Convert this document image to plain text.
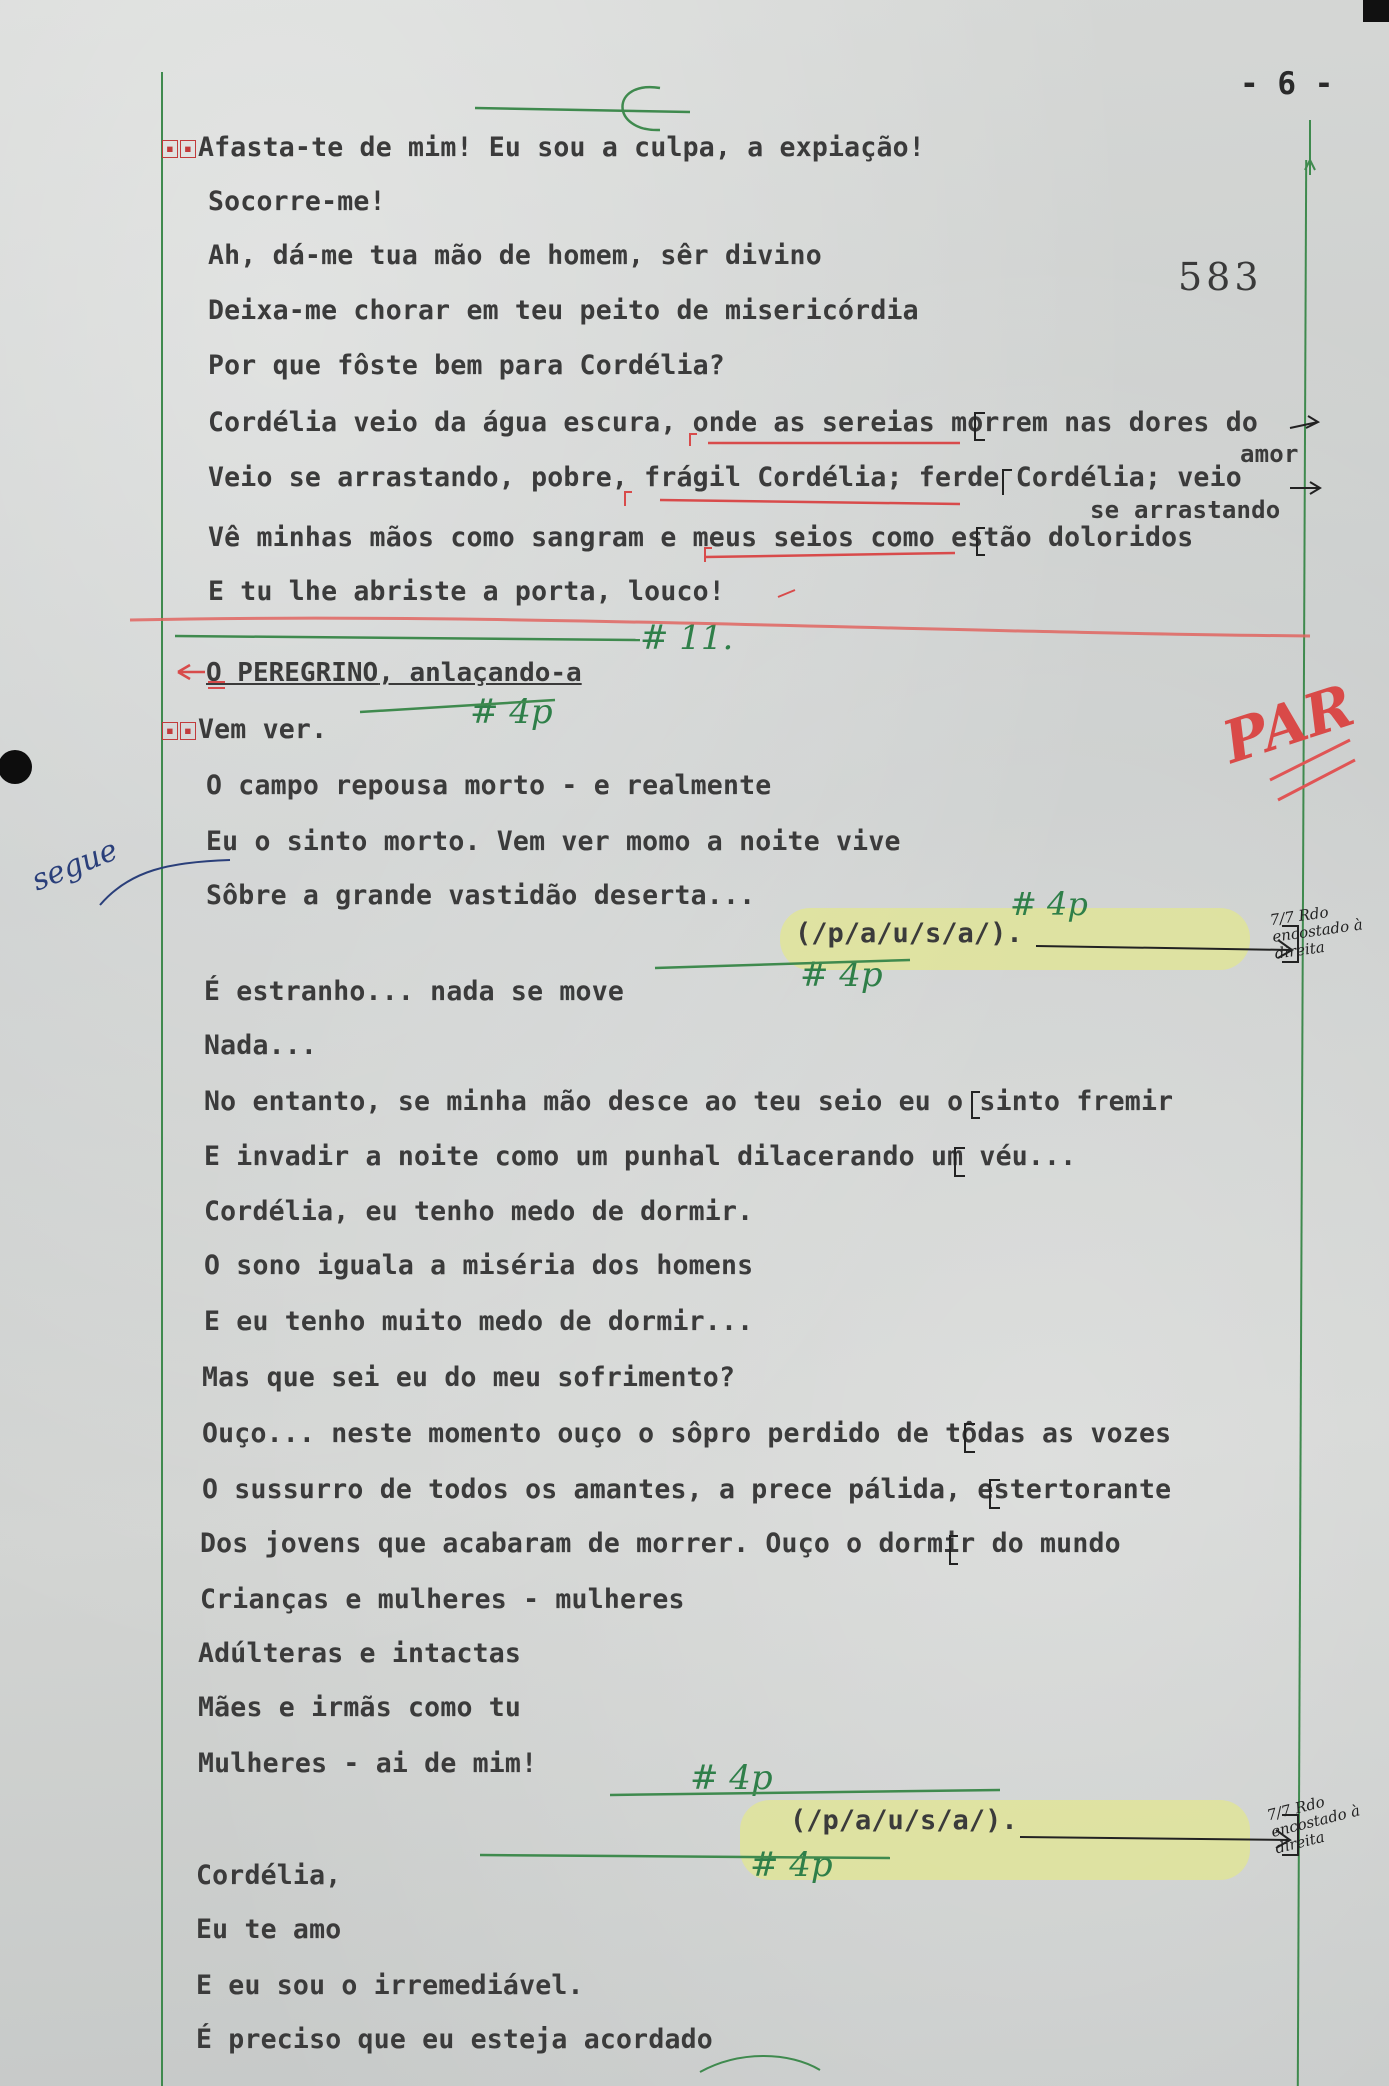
- 6 -
583
▪ ▪ Afasta-te de mim! Eu sou a culpa, a expiação!
Socorre-me!
Ah, dá-me tua mão de homem, sêr divino
Deixa-me chorar em teu peito de misericórdia
Por que fôste bem para Cordélia?
Cordélia veio da água escura, onde as sereias morrem nas dores do
amor
Veio se arrastando, pobre, frágil Cordélia; ferde Cordélia; veio
se arrastando
Vê minhas mãos como sangram e meus seios como estão doloridos
E tu lhe abriste a porta, louco!
O PEREGRINO, anlaçando-a
▪ ▪ Vem ver.
O campo repousa morto - e realmente
Eu o sinto morto. Vem ver momo a noite vive
Sôbre a grande vastidão deserta...
(/p/a/u/s/a/).
É estranho... nada se move
Nada...
No entanto, se minha mão desce ao teu seio eu o sinto fremir
E invadir a noite como um punhal dilacerando um véu...
Cordélia, eu tenho medo de dormir.
O sono iguala a miséria dos homens
E eu tenho muito medo de dormir...
Mas que sei eu do meu sofrimento?
Ouço... neste momento ouço o sôpro perdido de tôdas as vozes
O sussurro de todos os amantes, a prece pálida, estertorante
Dos jovens que acabaram de morrer. Ouço o dormir do mundo
Crianças e mulheres - mulheres
Adúlteras e intactas
Mães e irmãs como tu
Mulheres - ai de mim!
(/p/a/u/s/a/).
Cordélia,
Eu te amo
E eu sou o irremediável.
É preciso que eu esteja acordado
# 11.
# 4p
# 4p
# 4p
# 4p
# 4p
PAR
segue
7/7 Rdo encostado à direita
7/7 Rdo encostado à direita
